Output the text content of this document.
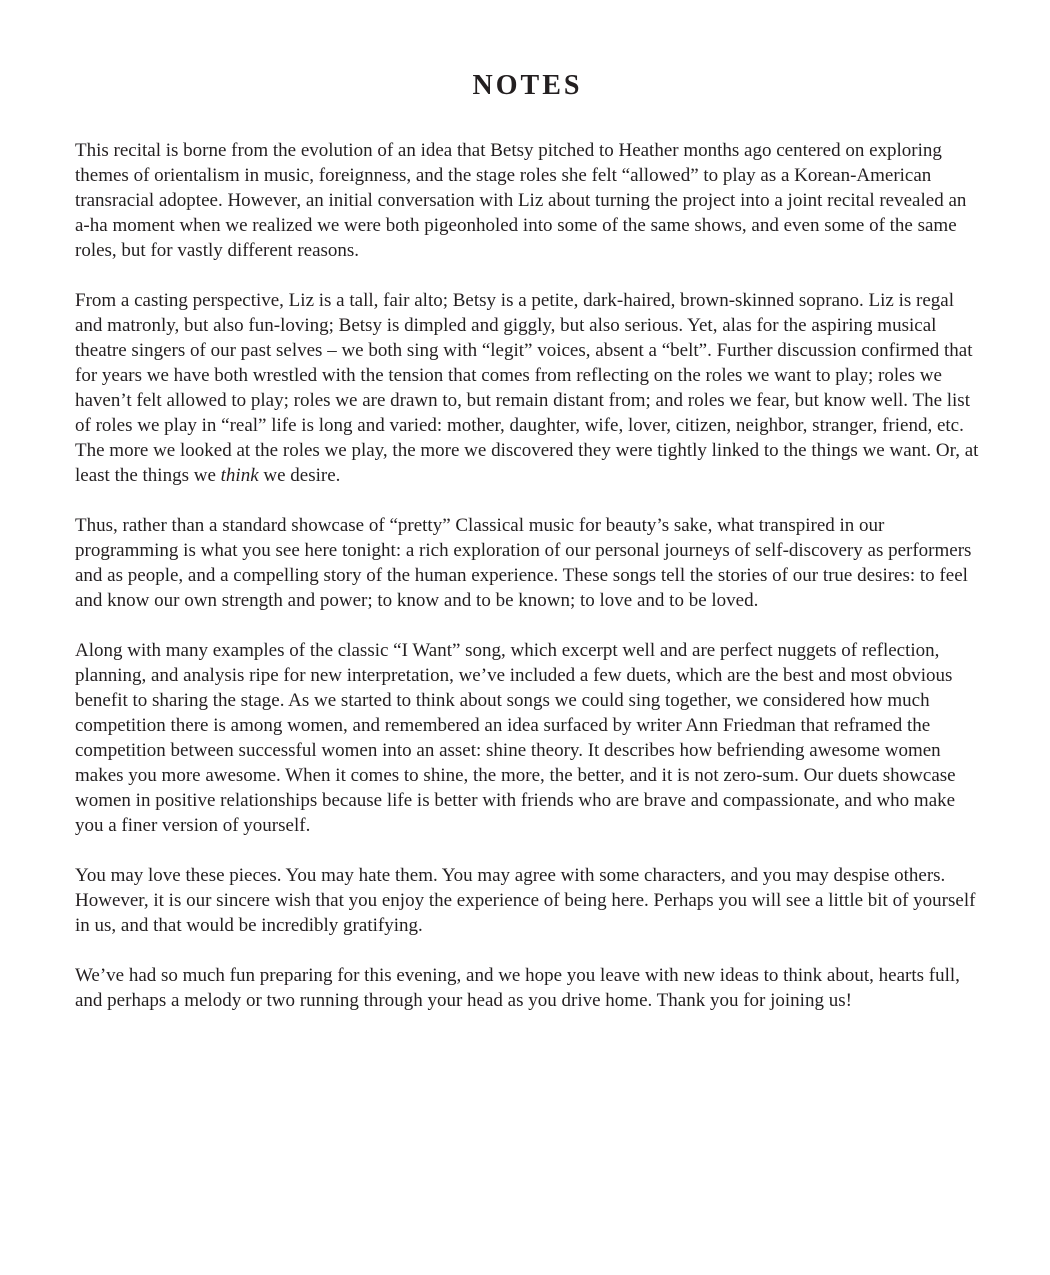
NOTES

This recital is borne from the evolution of an idea that Betsy pitched to Heather months ago centered on exploring themes of orientalism in music, foreignness, and the stage roles she felt “allowed” to play as a Korean-American transracial adoptee. However, an initial conversation with Liz about turning the project into a joint recital revealed an a-ha moment when we realized we were both pigeonholed into some of the same shows, and even some of the same roles, but for vastly different reasons.

From a casting perspective, Liz is a tall, fair alto; Betsy is a petite, dark-haired, brown-skinned soprano. Liz is regal and matronly, but also fun-loving; Betsy is dimpled and giggly, but also serious. Yet, alas for the aspiring musical theatre singers of our past selves – we both sing with “legit” voices, absent a “belt”. Further discussion confirmed that for years we have both wrestled with the tension that comes from reflecting on the roles we want to play; roles we haven’t felt allowed to play; roles we are drawn to, but remain distant from; and roles we fear, but know well. The list of roles we play in “real” life is long and varied: mother, daughter, wife, lover, citizen, neighbor, stranger, friend, etc. The more we looked at the roles we play, the more we discovered they were tightly linked to the things we want. Or, at least the things we think we desire.

Thus, rather than a standard showcase of “pretty” Classical music for beauty’s sake, what transpired in our programming is what you see here tonight: a rich exploration of our personal journeys of self-discovery as performers and as people, and a compelling story of the human experience. These songs tell the stories of our true desires: to feel and know our own strength and power; to know and to be known; to love and to be loved.

Along with many examples of the classic “I Want” song, which excerpt well and are perfect nuggets of reflection, planning, and analysis ripe for new interpretation, we’ve included a few duets, which are the best and most obvious benefit to sharing the stage. As we started to think about songs we could sing together, we considered how much competition there is among women, and remembered an idea surfaced by writer Ann Friedman that reframed the competition between successful women into an asset: shine theory. It describes how befriending awesome women makes you more awesome. When it comes to shine, the more, the better, and it is not zero-sum. Our duets showcase women in positive relationships because life is better with friends who are brave and compassionate, and who make you a finer version of yourself.

You may love these pieces. You may hate them. You may agree with some characters, and you may despise others. However, it is our sincere wish that you enjoy the experience of being here. Perhaps you will see a little bit of yourself in us, and that would be incredibly gratifying.

We’ve had so much fun preparing for this evening, and we hope you leave with new ideas to think about, hearts full, and perhaps a melody or two running through your head as you drive home. Thank you for joining us!
